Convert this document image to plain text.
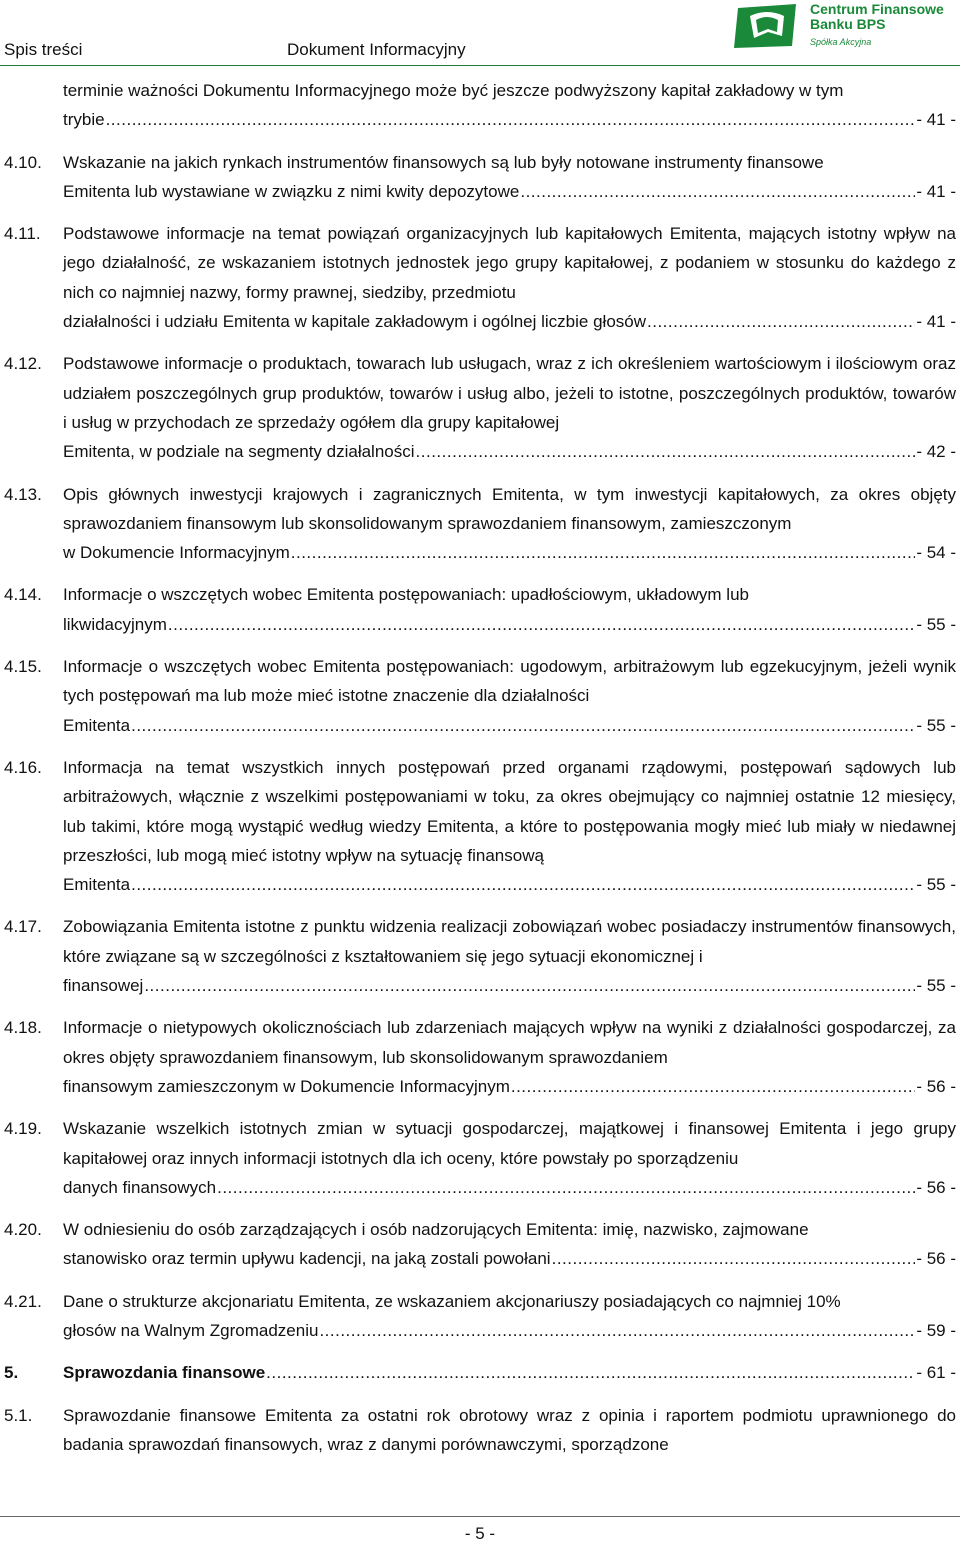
Spis treści	Dokument Informacyjny
Centrum Finansowe
Banku BPS
Spółka Akcyjna
terminie ważności Dokumentu Informacyjnego może być jeszcze podwyższony kapitał zakładowy w tym
trybie .....	- 41 -
4.10. Wskazanie na jakich rynkach instrumentów finansowych są lub były notowane instrumenty finansowe
Emitenta lub wystawiane w związku z nimi kwity depozytowe .....	- 41 -
4.11. Podstawowe informacje na temat powiązań organizacyjnych lub kapitałowych Emitenta, mających istotny wpływ na jego działalność, ze wskazaniem istotnych jednostek jego grupy kapitałowej, z podaniem w stosunku do każdego z nich co najmniej nazwy, formy prawnej, siedziby, przedmiotu
działalności i udziału Emitenta w kapitale zakładowym i ogólnej liczbie głosów .....	- 41 -
4.12. Podstawowe informacje o produktach, towarach lub usługach, wraz z ich określeniem wartościowym i ilościowym oraz udziałem poszczególnych grup produktów, towarów i usług albo, jeżeli to istotne, poszczególnych produktów, towarów i usług w przychodach ze sprzedaży ogółem dla grupy kapitałowej
Emitenta, w podziale na segmenty działalności .....	- 42 -
4.13. Opis głównych inwestycji krajowych i zagranicznych Emitenta, w tym inwestycji kapitałowych, za okres objęty sprawozdaniem finansowym lub skonsolidowanym sprawozdaniem finansowym, zamieszczonym
w Dokumencie Informacyjnym .....	- 54 -
4.14. Informacje o wszczętych wobec Emitenta postępowaniach: upadłościowym, układowym lub
likwidacyjnym .....	- 55 -
4.15. Informacje o wszczętych wobec Emitenta postępowaniach: ugodowym, arbitrażowym lub egzekucyjnym, jeżeli wynik tych postępowań ma lub może mieć istotne znaczenie dla działalności
Emitenta .....	- 55 -
4.16. Informacja na temat wszystkich innych postępowań przed organami rządowymi, postępowań sądowych lub arbitrażowych, włącznie z wszelkimi postępowaniami w toku, za okres obejmujący co najmniej ostatnie 12 miesięcy, lub takimi, które mogą wystąpić według wiedzy Emitenta, a które to postępowania mogły mieć lub miały w niedawnej przeszłości, lub mogą mieć istotny wpływ na sytuację finansową
Emitenta .....	- 55 -
4.17. Zobowiązania Emitenta istotne z punktu widzenia realizacji zobowiązań wobec posiadaczy instrumentów finansowych, które związane są w szczególności z kształtowaniem się jego sytuacji ekonomicznej i
finansowej .....	- 55 -
4.18. Informacje o nietypowych okolicznościach lub zdarzeniach mających wpływ na wyniki z działalności gospodarczej, za okres objęty sprawozdaniem finansowym, lub skonsolidowanym sprawozdaniem
finansowym zamieszczonym w Dokumencie Informacyjnym .....	- 56 -
4.19. Wskazanie wszelkich istotnych zmian w sytuacji gospodarczej, majątkowej i finansowej Emitenta i jego grupy kapitałowej oraz innych informacji istotnych dla ich oceny, które powstały po sporządzeniu
danych finansowych .....	- 56 -
4.20. W odniesieniu do osób zarządzających i osób nadzorujących Emitenta: imię, nazwisko, zajmowane
stanowisko oraz termin upływu kadencji, na jaką zostali powołani .....	- 56 -
4.21. Dane o strukturze akcjonariatu Emitenta, ze wskazaniem akcjonariuszy posiadających co najmniej 10%
głosów na Walnym Zgromadzeniu .....	- 59 -
5.	Sprawozdania finansowe .....	- 61 -
5.1. Sprawozdanie finansowe Emitenta za ostatni rok obrotowy wraz z opinia i raportem podmiotu uprawnionego do badania sprawozdań finansowych, wraz z danymi porównawczymi, sporządzone
- 5 -
